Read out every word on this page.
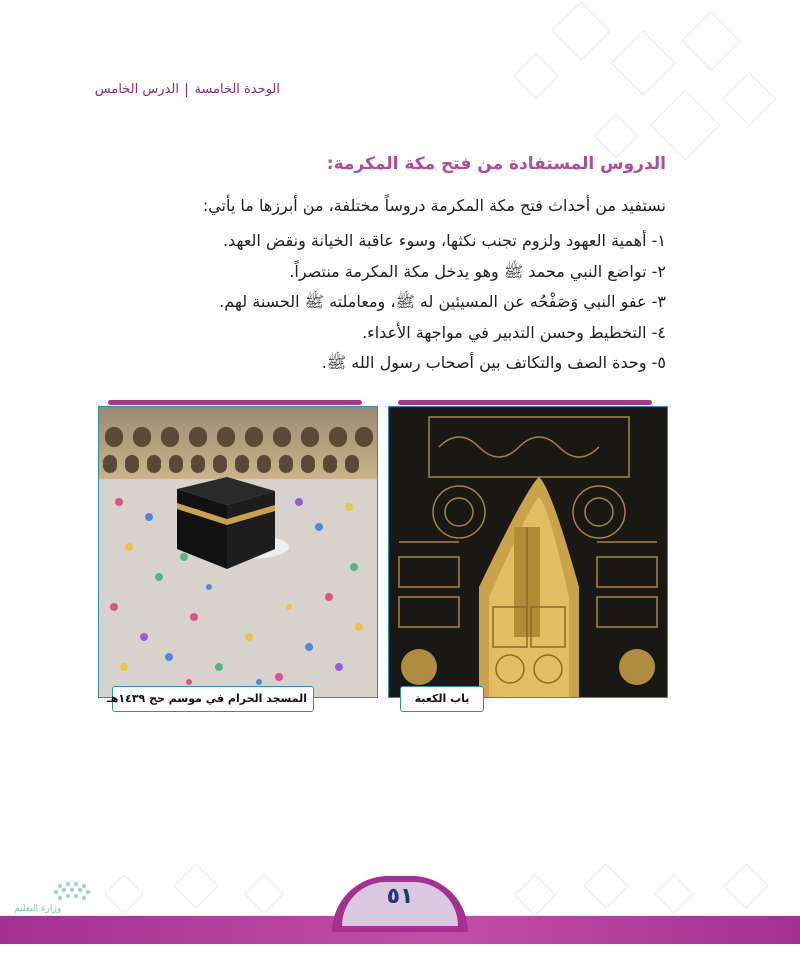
الوحدة الخامسةالدرس الخامس
الدروس المستفادة من فتح مكة المكرمة:
نستفيد من أحداث فتح مكة المكرمة دروساً مختلفة، من أبرزها ما يأتي:
١- أهمية العهود ولزوم تجنب نكثها، وسوء عاقبة الخيانة ونقض العهد.
٢- تواضع النبي محمد ﷺ وهو يدخل مكة المكرمة منتصراً.
٣- عفو النبي وَصَفْحُه عن المسيئين له ﷺ، ومعاملته ﷺ الحسنة لهم.
٤- التخطيط وحسن التدبير في مواجهة الأعداء.
٥- وحدة الصف والتكاتف بين أصحاب رسول الله ﷺ.
المسجد الحرام في موسم حج ١٤٣٩هـ	باب الكعبة
وزارة التعليم	٥١
